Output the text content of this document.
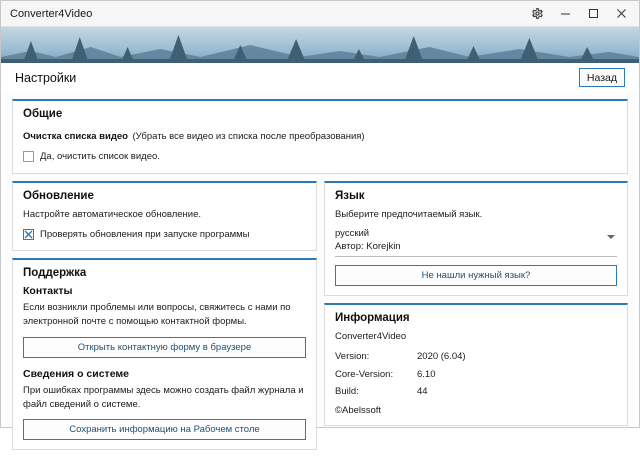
Converter4Video
Настройки	Назад
Общие
Очистка списка видео (Убрать все видео из списка после преобразования)
Да, очистить список видео.
Обновление
Настройте автоматическое обновление.
Проверять обновления при запуске программы
Поддержка
Контакты
Если возникли проблемы или вопросы, свяжитесь с нами по электронной почте с помощью контактной формы.
Открыть контактную форму в браузере
Сведения о системе
При ошибках программы здесь можно создать файл журнала и файл сведений о системе.
Сохранить информацию на Рабочем столе
Язык
Выберите предпочитаемый язык.
русский
Автор: Korejkin
Не нашли нужный язык?
Информация
Converter4Video
Version:	2020 (6.04)
Core-Version:	6.10
Build:	44
©Abelssoft
